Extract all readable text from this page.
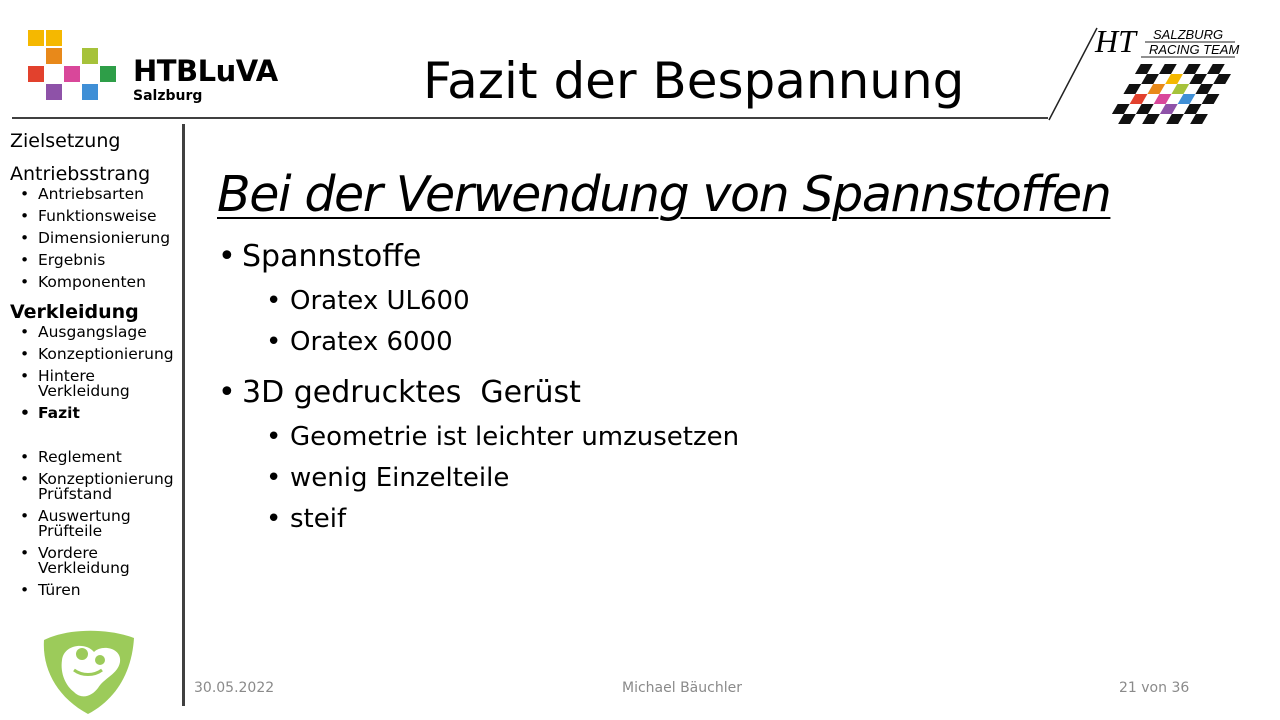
HTBLuVA
Salzburg	Fazit der Bespannung
HT SALZBURG
RACING TEAM
Zielsetzung
Antriebsstrang
• Antriebsarten
• Funktionsweise
• Dimensionierung
• Ergebnis
• Komponenten
Verkleidung
• Ausgangslage
• Konzeptionierung
• Hintere Verkleidung
• Fazit
• Reglement
• Konzeptionierung Prüfstand
• Auswertung Prüfteile
• Vordere Verkleidung
• Türen
Bei der Verwendung von Spannstoffen
• Spannstoffe
• Oratex UL600
• Oratex 6000
• 3D gedrucktes  Gerüst
• Geometrie ist leichter umzusetzen
• wenig Einzelteile
• steif
30.05.2022	Michael Bäuchler	21 von 36
